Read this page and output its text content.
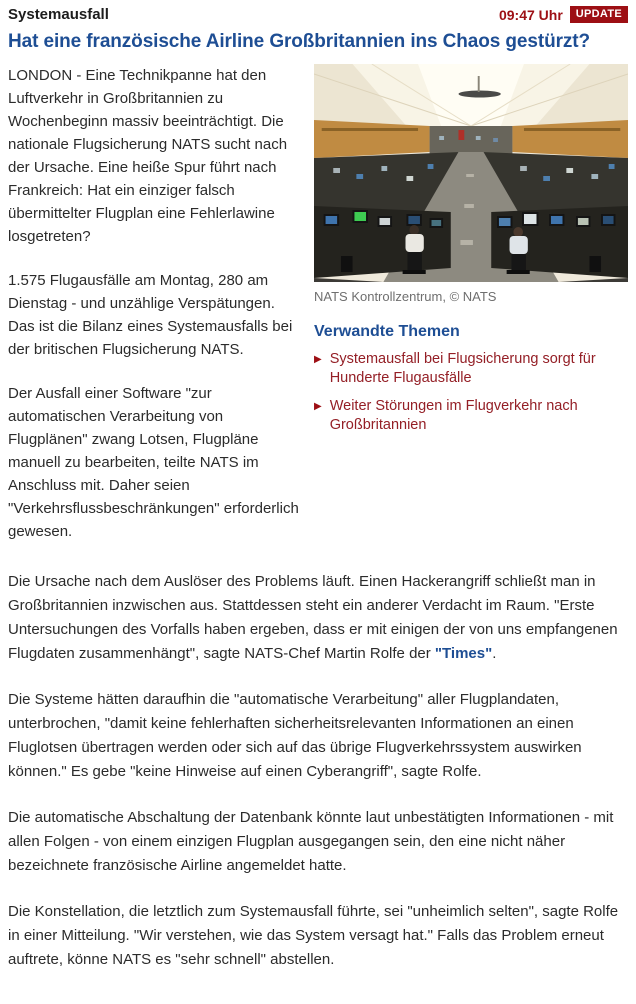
Systemausfall	09:47 Uhr	UPDATE
Hat eine französische Airline Großbritannien ins Chaos gestürzt?

LONDON - Eine Technikpanne hat den Luftverkehr in Großbritannien zu Wochenbeginn massiv beeinträchtigt. Die nationale Flugsicherung NATS sucht nach der Ursache. Eine heiße Spur führt nach Frankreich: Hat ein einziger falsch übermittelter Flugplan eine Fehlerlawine losgetreten?

1.575 Flugausfälle am Montag, 280 am Dienstag - und unzählige Verspätungen. Das ist die Bilanz eines Systemausfalls bei der britischen Flugsicherung NATS.

Der Ausfall einer Software "zur automatischen Verarbeitung von Flugplänen" zwang Lotsen, Flugpläne manuell zu bearbeiten, teilte NATS im Anschluss mit. Daher seien "Verkehrsflussbeschränkungen" erforderlich gewesen.

NATS Kontrollzentrum, © NATS

Verwandte Themen
▶ Systemausfall bei Flugsicherung sorgt für Hunderte Flugausfälle
▶ Weiter Störungen im Flugverkehr nach Großbritannien

Die Ursache nach dem Auslöser des Problems läuft. Einen Hackerangriff schließt man in Großbritannien inzwischen aus. Stattdessen steht ein anderer Verdacht im Raum. "Erste Untersuchungen des Vorfalls haben ergeben, dass er mit einigen der von uns empfangenen Flugdaten zusammenhängt", sagte NATS-Chef Martin Rolfe der "Times".

Die Systeme hätten daraufhin die "automatische Verarbeitung" aller Flugplandaten, unterbrochen, "damit keine fehlerhaften sicherheitsrelevanten Informationen an einen Fluglotsen übertragen werden oder sich auf das übrige Flugverkehrssystem auswirken können." Es gebe "keine Hinweise auf einen Cyberangriff", sagte Rolfe.

Die automatische Abschaltung der Datenbank könnte laut unbestätigten Informationen - mit allen Folgen - von einem einzigen Flugplan ausgegangen sein, den eine nicht näher bezeichnete französische Airline angemeldet hatte.

Die Konstellation, die letztlich zum Systemausfall führte, sei "unheimlich selten", sagte Rolfe in einer Mitteilung. "Wir verstehen, wie das System versagt hat." Falls das Problem erneut auftrete, könne NATS es "sehr schnell" abstellen.
